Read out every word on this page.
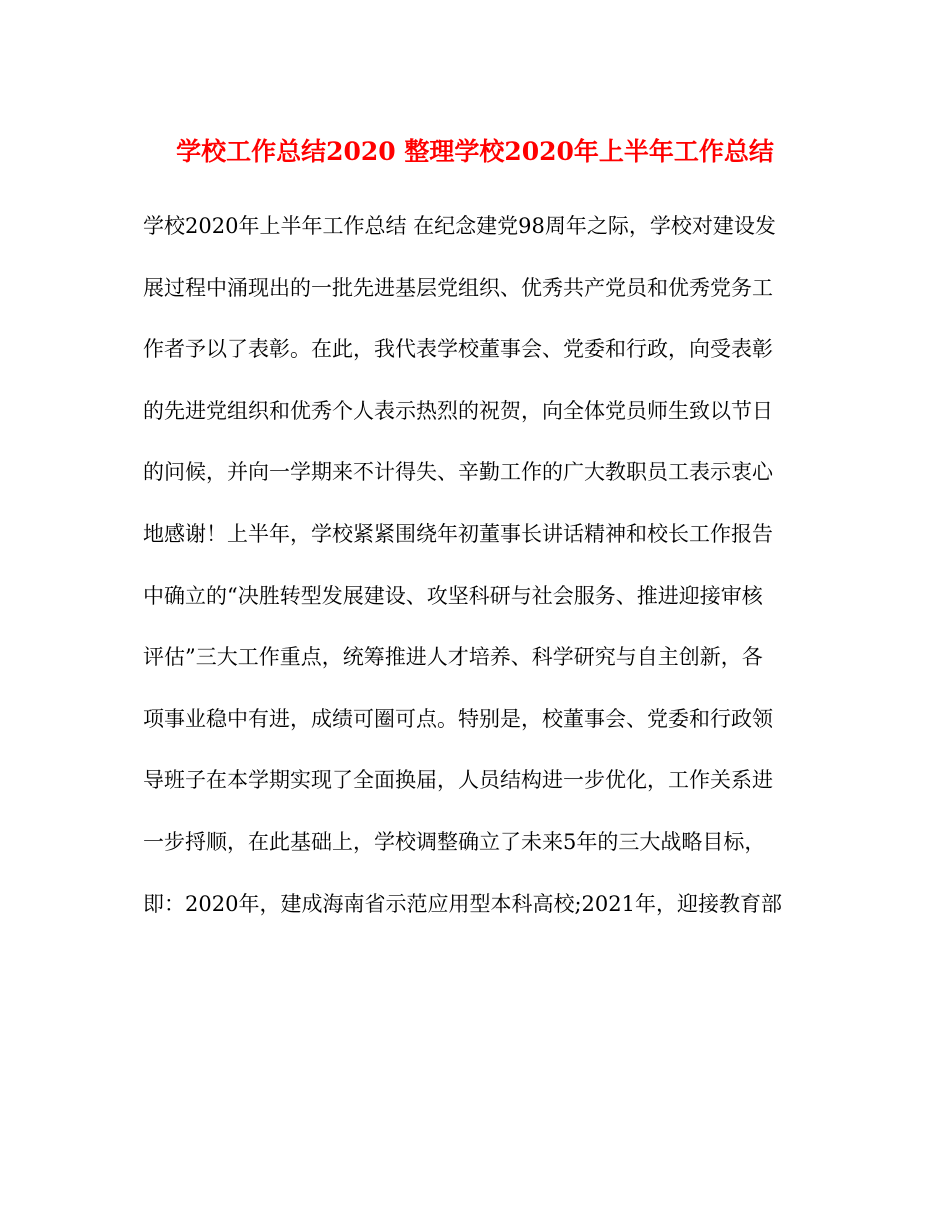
学校工作总结2020 整理学校2020年上半年工作总结
学校2020年上半年工作总结 在纪念建党98周年之际，学校对建设发
展过程中涌现出的一批先进基层党组织、优秀共产党员和优秀党务工
作者予以了表彰。在此，我代表学校董事会、党委和行政，向受表彰
的先进党组织和优秀个人表示热烈的祝贺，向全体党员师生致以节日
的问候，并向一学期来不计得失、辛勤工作的广大教职员工表示衷心
地感谢！上半年，学校紧紧围绕年初董事长讲话精神和校长工作报告
中确立的“决胜转型发展建设、攻坚科研与社会服务、推进迎接审核
评估”三大工作重点，统筹推进人才培养、科学研究与自主创新，各
项事业稳中有进，成绩可圈可点。特别是，校董事会、党委和行政领
导班子在本学期实现了全面换届，人员结构进一步优化，工作关系进
一步捋顺，在此基础上，学校调整确立了未来5年的三大战略目标，
即：2020年，建成海南省示范应用型本科高校;2021年，迎接教育部
